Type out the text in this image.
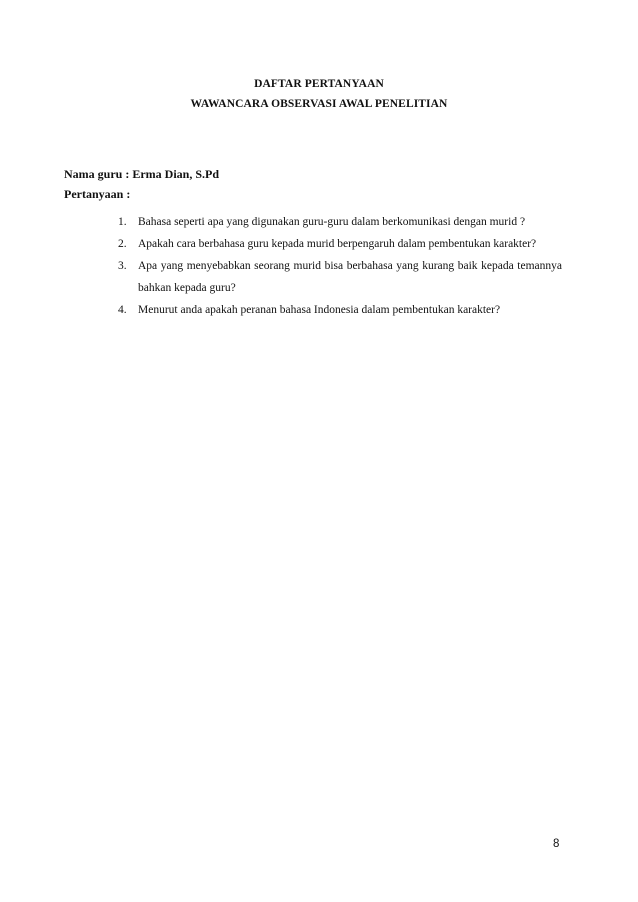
DAFTAR PERTANYAAN
WAWANCARA OBSERVASI AWAL PENELITIAN
Nama guru : Erma Dian, S.Pd
Pertanyaan :
1. Bahasa seperti apa yang digunakan guru-guru dalam berkomunikasi dengan murid ?
2. Apakah cara berbahasa guru kepada murid berpengaruh dalam pembentukan karakter?
3. Apa yang menyebabkan seorang murid bisa berbahasa yang kurang baik kepada temannya bahkan kepada guru?
4. Menurut anda apakah peranan bahasa Indonesia dalam pembentukan karakter?
8
